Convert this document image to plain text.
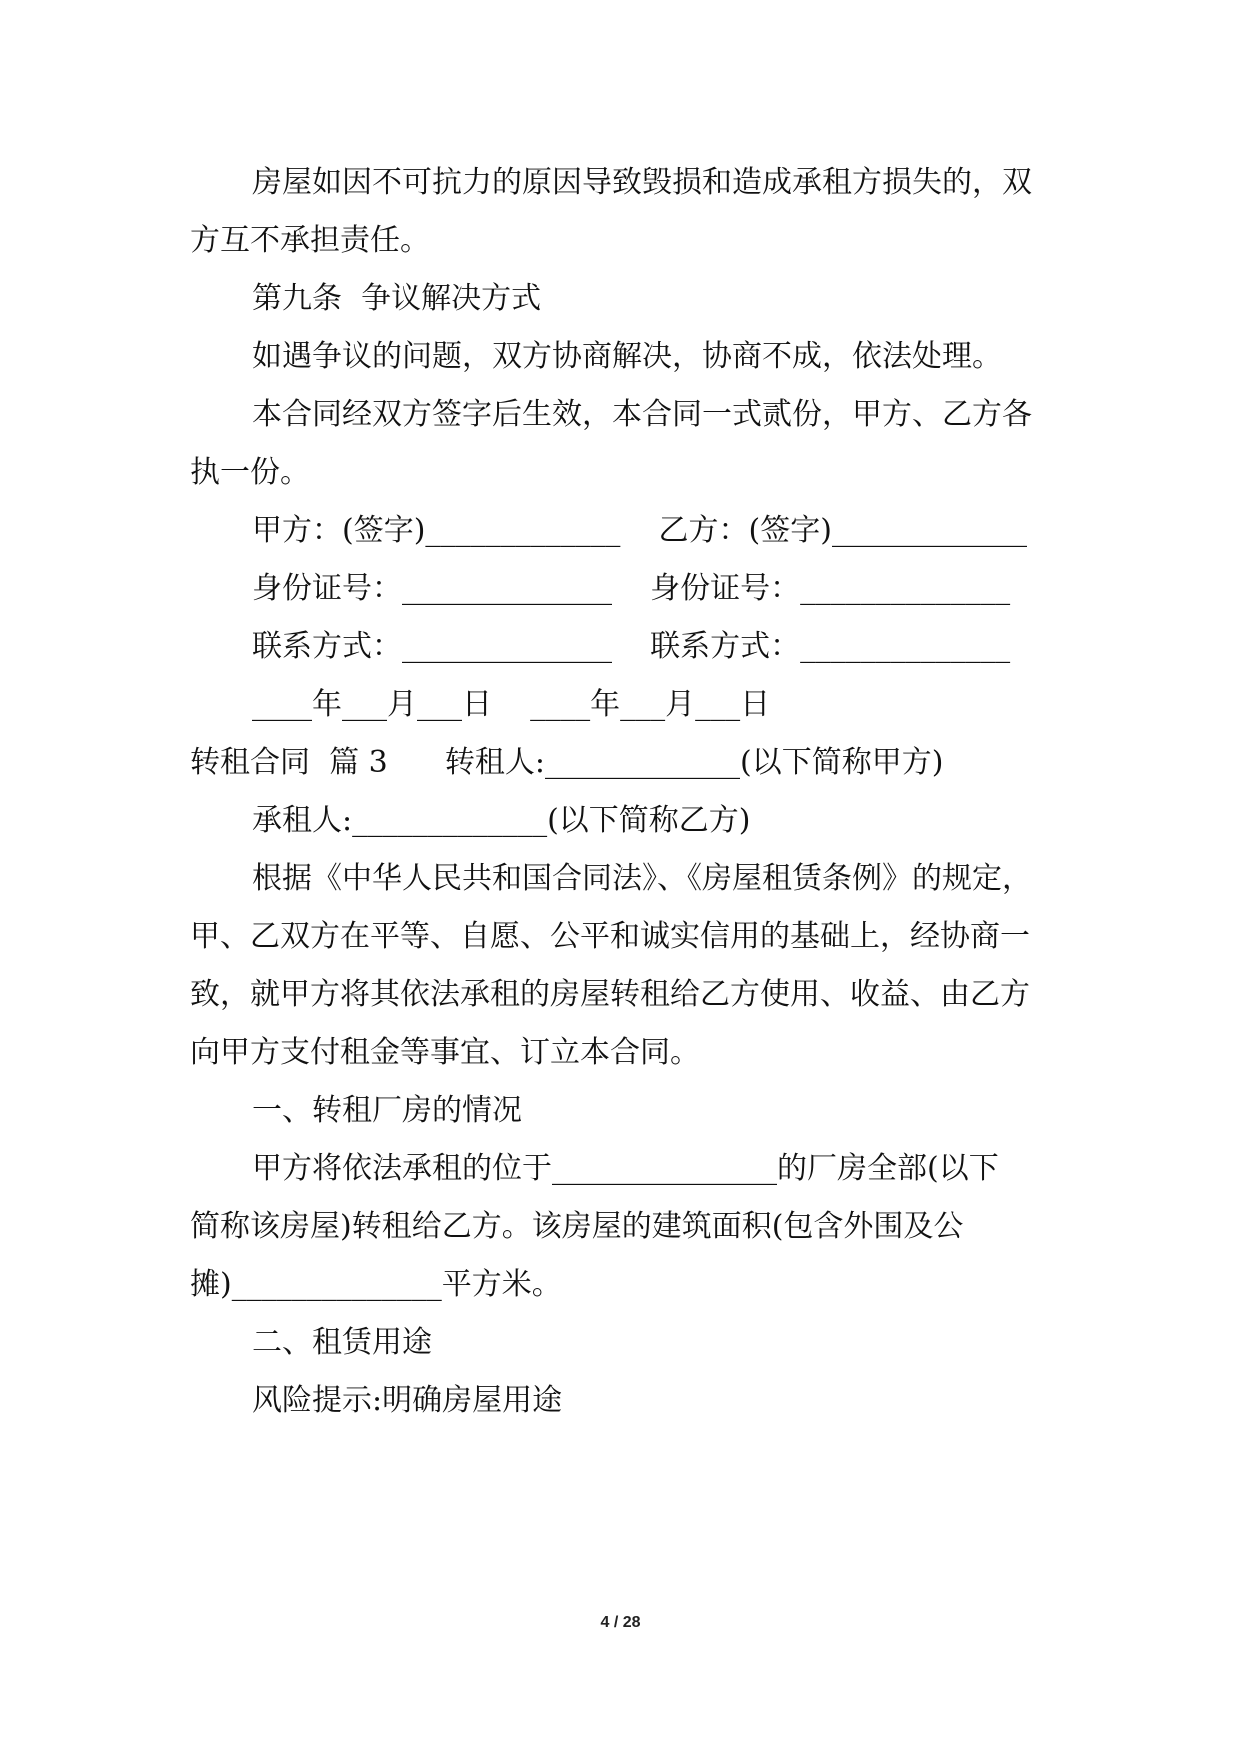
房屋如因不可抗力的原因导致毁损和造成承租方损失的，双
方互不承担责任。
第九条  争议解决方式
如遇争议的问题，双方协商解决，协商不成，依法处理。
本合同经双方签字后生效，本合同一式贰份，甲方、乙方各
执一份。
甲方：(签字)_____________    乙方：(签字)_____________
身份证号：______________    身份证号：______________
联系方式：______________    联系方式：______________
____年___月___日    ____年___月___日
转租合同  篇 3      转租人:_____________(以下简称甲方)
承租人:_____________(以下简称乙方)
根据《中华人民共和国合同法》、《房屋租赁条例》的规定，
甲、乙双方在平等、自愿、公平和诚实信用的基础上，经协商一
致，就甲方将其依法承租的房屋转租给乙方使用、收益、由乙方
向甲方支付租金等事宜、订立本合同。
一、转租厂房的情况
甲方将依法承租的位于_______________的厂房全部(以下
简称该房屋)转租给乙方。该房屋的建筑面积(包含外围及公
摊)______________平方米。
二、租赁用途
风险提示:明确房屋用途
4 / 28
